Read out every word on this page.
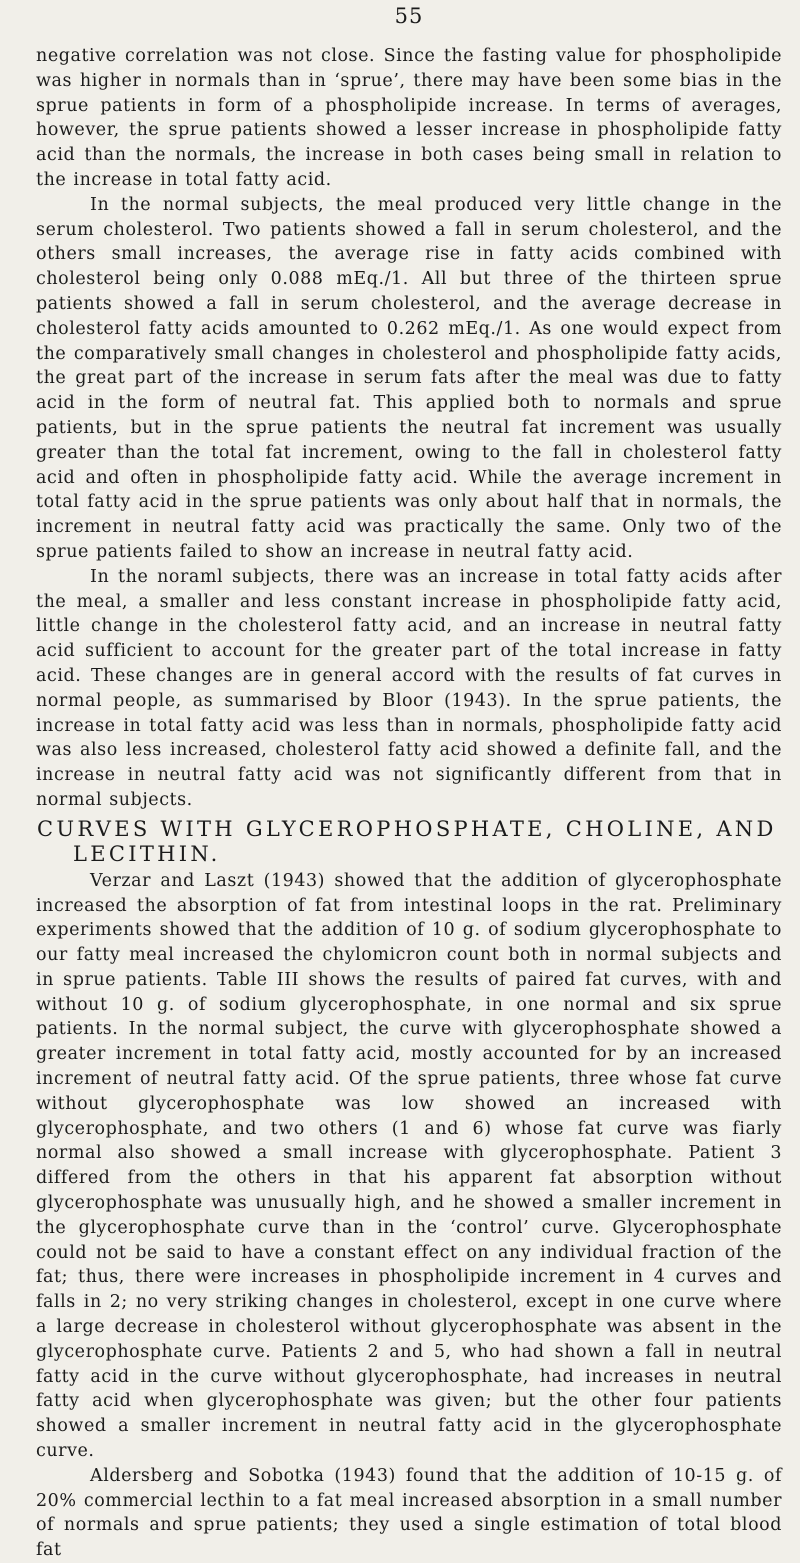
55

negative correlation was not close. Since the fasting value for phospholipide was higher in normals than in ‘sprue’, there may have been some bias in the sprue patients in form of a phospholipide increase. In terms of averages, however, the sprue patients showed a lesser increase in phospholipide fatty acid than the normals, the increase in both cases being small in relation to the increase in total fatty acid.

In the normal subjects, the meal produced very little change in the serum cholesterol. Two patients showed a fall in serum cholesterol, and the others small increases, the average rise in fatty acids combined with cholesterol being only 0.088 mEq./1. All but three of the thirteen sprue patients showed a fall in serum cholesterol, and the average decrease in cholesterol fatty acids amounted to 0.262 mEq./1. As one would expect from the comparatively small changes in cholesterol and phospholipide fatty acids, the great part of the increase in serum fats after the meal was due to fatty acid in the form of neutral fat. This applied both to normals and sprue patients, but in the sprue patients the neutral fat increment was usually greater than the total fat increment, owing to the fall in cholesterol fatty acid and often in phospholipide fatty acid. While the average increment in total fatty acid in the sprue patients was only about half that in normals, the increment in neutral fatty acid was practically the same. Only two of the sprue patients failed to show an increase in neutral fatty acid.

In the noraml subjects, there was an increase in total fatty acids after the meal, a smaller and less constant increase in phospholipide fatty acid, little change in the cholesterol fatty acid, and an increase in neutral fatty acid sufficient to account for the greater part of the total increase in fatty acid. These changes are in general accord with the results of fat curves in normal people, as summarised by Bloor (1943). In the sprue patients, the increase in total fatty acid was less than in normals, phospholipide fatty acid was also less increased, cholesterol fatty acid showed a definite fall, and the increase in neutral fatty acid was not significantly different from that in normal subjects.

CURVES WITH GLYCEROPHOSPHATE, CHOLINE, AND
LECITHIN.

Verzar and Laszt (1943) showed that the addition of glycerophosphate increased the absorption of fat from intestinal loops in the rat. Preliminary experiments showed that the addition of 10 g. of sodium glycerophosphate to our fatty meal increased the chylomicron count both in normal subjects and in sprue patients. Table III shows the results of paired fat curves, with and without 10 g. of sodium glycerophosphate, in one normal and six sprue patients. In the normal subject, the curve with glycerophosphate showed a greater increment in total fatty acid, mostly accounted for by an increased increment of neutral fatty acid. Of the sprue patients, three whose fat curve without glycerophosphate was low showed an increased with glycerophosphate, and two others (1 and 6) whose fat curve was fiarly normal also showed a small increase with glycerophosphate. Patient 3 differed from the others in that his apparent fat absorption without glycerophosphate was unusually high, and he showed a smaller increment in the glycerophosphate curve than in the ‘control’ curve. Glycerophosphate could not be said to have a constant effect on any individual fraction of the fat; thus, there were increases in phospholipide increment in 4 curves and falls in 2; no very striking changes in cholesterol, except in one curve where a large decrease in cholesterol without glycerophosphate was absent in the glycerophosphate curve. Patients 2 and 5, who had shown a fall in neutral fatty acid in the curve without glycerophosphate, had increases in neutral fatty acid when glycerophosphate was given; but the other four patients showed a smaller increment in neutral fatty acid in the glycerophosphate curve.

Aldersberg and Sobotka (1943) found that the addition of 10-15 g. of 20% commercial lecthin to a fat meal increased absorption in a small number of normals and sprue patients; they used a single estimation of total blood fat
